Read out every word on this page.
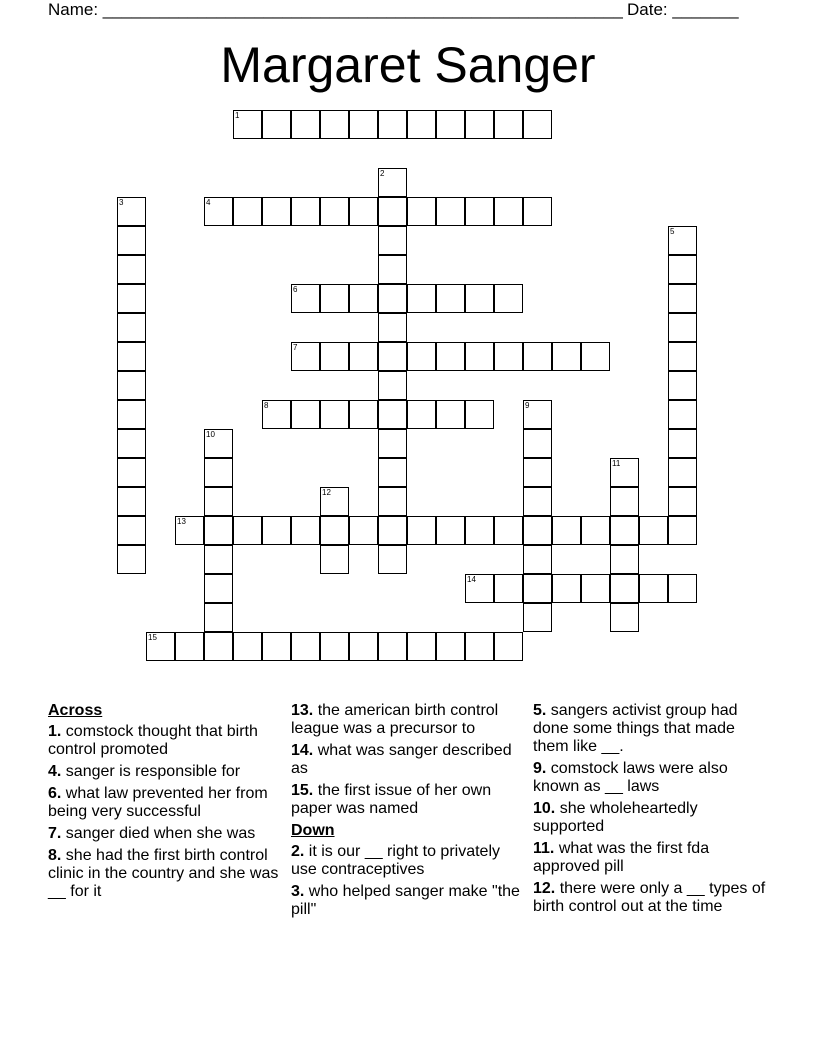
Name: _______________________________________________________ Date: _______
Margaret Sanger
1
2
3	4
5
6
7
8	9
10
11
12
13
14
15
Across
1. comstock thought that birth control promoted
4. sanger is responsible for
6. what law prevented her from being very successful
7. sanger died when she was
8. she had the first birth control clinic in the country and she was __ for it
13. the american birth control league was a precursor to
14. what was sanger described as
15. the first issue of her own paper was named
Down
2. it is our __ right to privately use contraceptives
3. who helped sanger make "the pill"
5. sangers activist group had done some things that made them like __.
9. comstock laws were also known as __ laws
10. she wholeheartedly supported
11. what was the first fda approved pill
12. there were only a __ types of birth control out at the time
